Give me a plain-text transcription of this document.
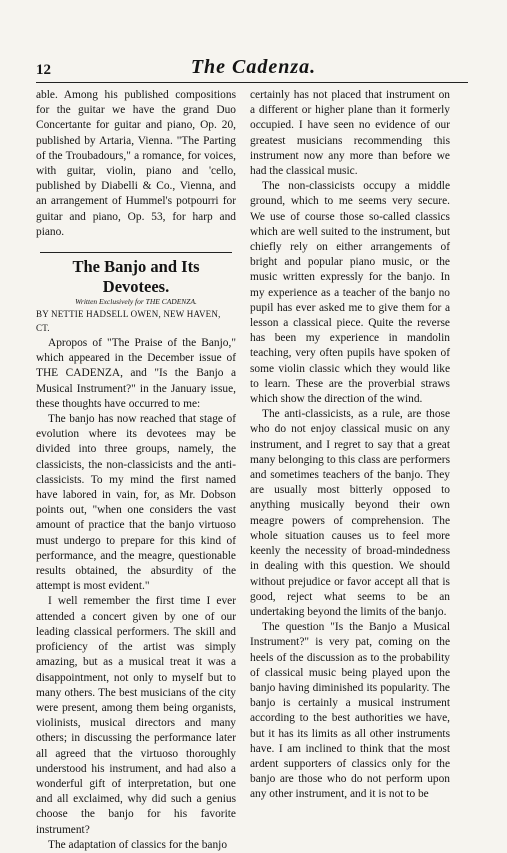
12	The Cadenza.

able. Among his published compositions for the guitar we have the grand Duo Concertante for guitar and piano, Op. 20, published by Artaria, Vienna. "The Parting of the Troubadours," a romance, for voices, with guitar, violin, piano and 'cello, published by Diabelli & Co., Vienna, and an arrangement of Hummel's potpourri for guitar and piano, Op. 53, for harp and piano.

The Banjo and Its Devotees.
Written Exclusively for THE CADENZA.
BY NETTIE HADSELL OWEN, NEW HAVEN, CT.

Apropos of "The Praise of the Banjo," which appeared in the December issue of THE CADENZA, and "Is the Banjo a Musical Instrument?" in the January issue, these thoughts have occurred to me:

The banjo has now reached that stage of evolution where its devotees may be divided into three groups, namely, the classicists, the non-classicists and the anti-classicists. To my mind the first named have labored in vain, for, as Mr. Dobson points out, "when one considers the vast amount of practice that the banjo virtuoso must undergo to prepare for this kind of performance, and the meagre, questionable results obtained, the absurdity of the attempt is most evident."

I well remember the first time I ever attended a concert given by one of our leading classical performers. The skill and proficiency of the artist was simply amazing, but as a musical treat it was a disappointment, not only to myself but to many others. The best musicians of the city were present, among them being organists, violinists, musical directors and many others; in discussing the performance later all agreed that the virtuoso thoroughly understood his instrument, and had also a wonderful gift of interpretation, but one and all exclaimed, why did such a genius choose the banjo for his favorite instrument?

The adaptation of classics for the banjo

certainly has not placed that instrument on a different or higher plane than it formerly occupied. I have seen no evidence of our greatest musicians recommending this instrument now any more than before we had the classical music.

The non-classicists occupy a middle ground, which to me seems very secure. We use of course those so-called classics which are well suited to the instrument, but chiefly rely on either arrangements of bright and popular piano music, or the music written expressly for the banjo. In my experience as a teacher of the banjo no pupil has ever asked me to give them for a lesson a classical piece. Quite the reverse has been my experience in mandolin teaching, very often pupils have spoken of some violin classic which they would like to learn. These are the proverbial straws which show the direction of the wind.

The anti-classicists, as a rule, are those who do not enjoy classical music on any instrument, and I regret to say that a great many belonging to this class are performers and sometimes teachers of the banjo. They are usually most bitterly opposed to anything musically beyond their own meagre powers of comprehension. The whole situation causes us to feel more keenly the necessity of broad-mindedness in dealing with this question. We should without prejudice or favor accept all that is good, reject what seems to be an undertaking beyond the limits of the banjo.

The question "Is the Banjo a Musical Instrument?" is very pat, coming on the heels of the discussion as to the probability of classical music being played upon the banjo having diminished its popularity. The banjo is certainly a musical instrument according to the best authorities we have, but it has its limits as all other instruments have. I am inclined to think that the most ardent supporters of classics only for the banjo are those who do not perform upon any other instrument, and it is not to be
